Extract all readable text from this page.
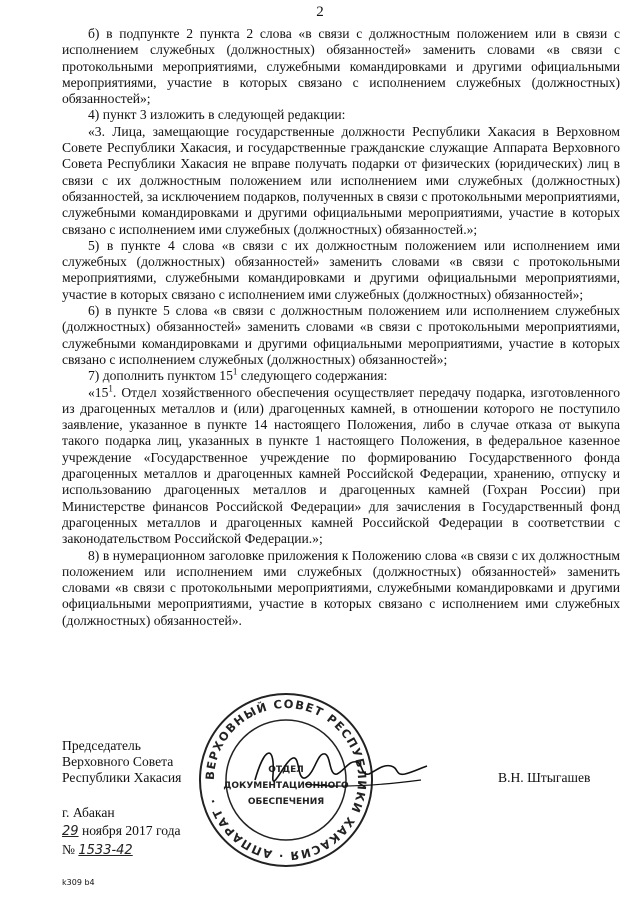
2

б) в подпункте 2 пункта 2 слова «в связи с должностным положением или в связи с исполнением служебных (должностных) обязанностей» заменить словами «в связи с протокольными мероприятиями, служебными командировками и другими официальными мероприятиями, участие в которых связано с исполнением служебных (должностных) обязанностей»;

4) пункт 3 изложить в следующей редакции:

«3. Лица, замещающие государственные должности Республики Хакасия в Верховном Совете Республики Хакасия, и государственные гражданские служащие Аппарата Верховного Совета Республики Хакасия не вправе получать подарки от физических (юридических) лиц в связи с их должностным положением или исполнением ими служебных (должностных) обязанностей, за исключением подарков, полученных в связи с протокольными мероприятиями, служебными командировками и другими официальными мероприятиями, участие в которых связано с исполнением ими служебных (должностных) обязанностей.»;

5) в пункте 4 слова «в связи с их должностным положением или исполнением ими служебных (должностных) обязанностей» заменить словами «в связи с протокольными мероприятиями, служебными командировками и другими официальными мероприятиями, участие в которых связано с исполнением ими служебных (должностных) обязанностей»;

6) в пункте 5 слова «в связи с должностным положением или исполнением служебных (должностных) обязанностей» заменить словами «в связи с протокольными мероприятиями, служебными командировками и другими официальными мероприятиями, участие в которых связано с исполнением служебных (должностных) обязанностей»;

7) дополнить пунктом $15^1$ следующего содержания:

«$15^1$. Отдел хозяйственного обеспечения осуществляет передачу подарка, изготовленного из драгоценных металлов и (или) драгоценных камней, в отношении которого не поступило заявление, указанное в пункте 14 настоящего Положения, либо в случае отказа от выкупа такого подарка лиц, указанных в пункте 1 настоящего Положения, в федеральное казенное учреждение «Государственное учреждение по формированию Государственного фонда драгоценных металлов и драгоценных камней Российской Федерации, хранению, отпуску и использованию драгоценных металлов и драгоценных камней (Гохран России) при Министерстве финансов Российской Федерации» для зачисления в Государственный фонд драгоценных металлов и драгоценных камней Российской Федерации в соответствии с законодательством Российской Федерации.»;

8) в нумерационном заголовке приложения к Положению слова «в связи с их должностным положением или исполнением ими служебных (должностных) обязанностей» заменить словами «в связи с протокольными мероприятиями, служебными командировками и другими официальными мероприятиями, участие в которых связано с исполнением ими служебных (должностных) обязанностей».

ВЕРХОВНЫЙ СОВЕТ РЕСПУБЛИКИ ХАКАСИЯ · АППАРАТ ·
ОТДЕЛ
ДОКУМЕНТАЦИОННОГО
ОБЕСПЕЧЕНИЯ
Председатель
Верховного Совета
Республики Хакасия	В.Н. Штыгашев
г. Абакан
29 ноября 2017 года
№ 1533-42
k309 b4
